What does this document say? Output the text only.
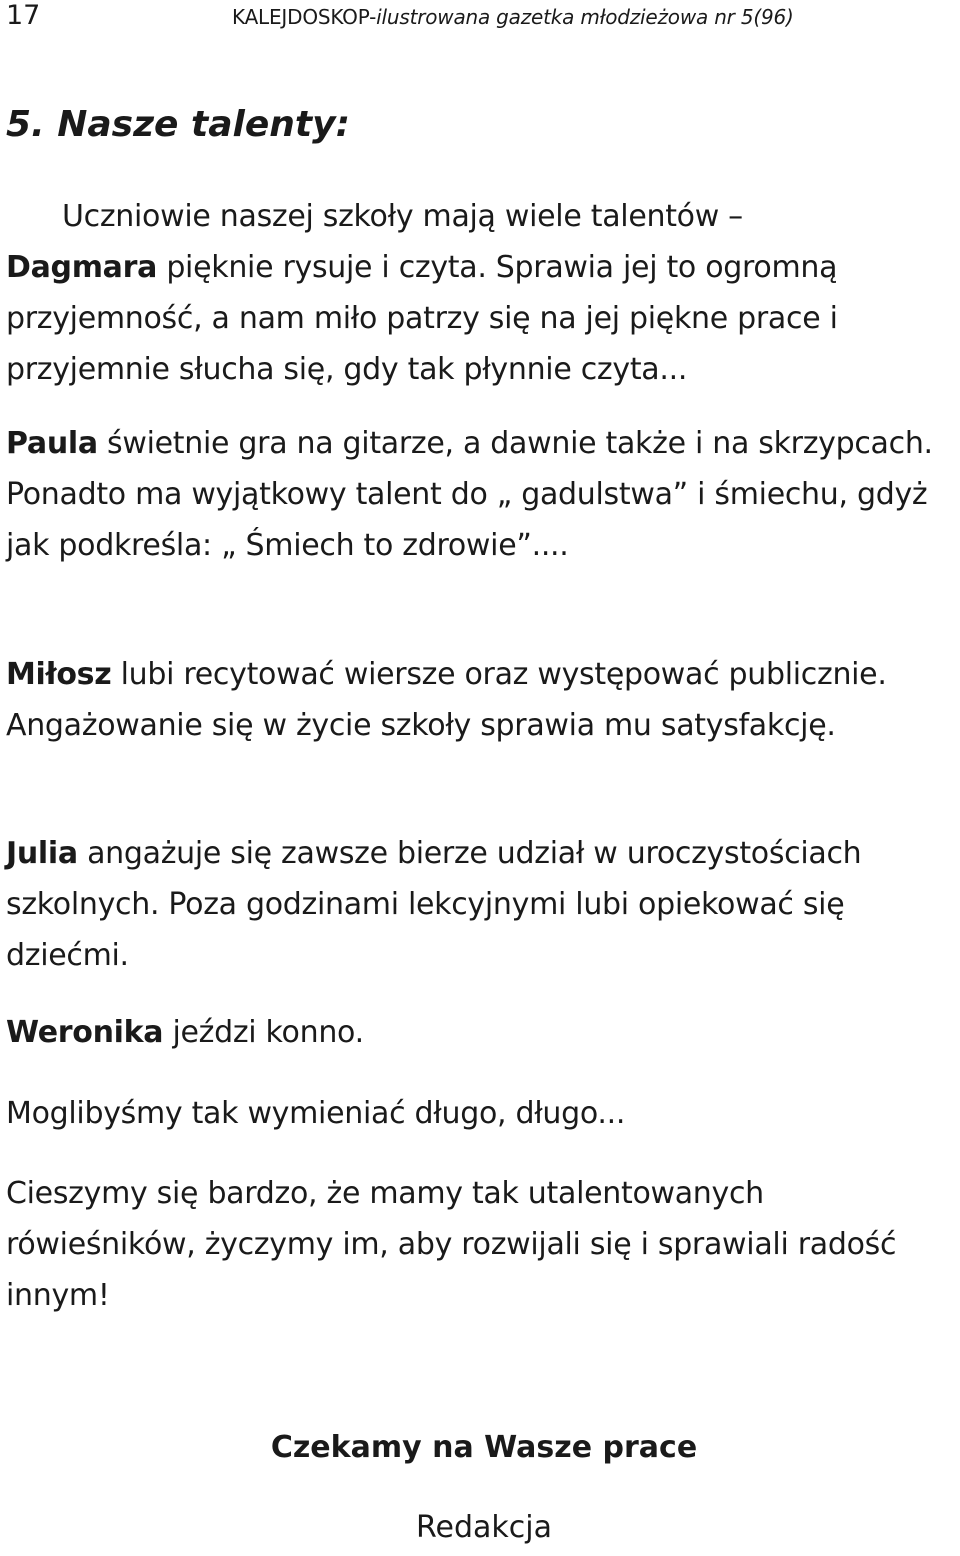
17	KALEJDOSKOP-ilustrowana gazetka młodzieżowa nr 5(96)
5. Nasze talenty:

Uczniowie naszej szkoły mają wiele talentów –
Dagmara pięknie rysuje i czyta. Sprawia jej to ogromną przyjemność, a nam miło patrzy się na jej piękne prace i przyjemnie słucha się, gdy tak płynnie czyta...

Paula świetnie gra na gitarze, a dawnie także i na skrzypcach. Ponadto ma wyjątkowy talent do „ gadulstwa” i śmiechu, gdyż jak podkreśla: „ Śmiech to zdrowie”....

Miłosz lubi recytować wiersze oraz występować publicznie. Angażowanie się w życie szkoły sprawia mu satysfakcję.

Julia angażuje się zawsze bierze udział w uroczystościach szkolnych. Poza godzinami lekcyjnymi lubi opiekować się dziećmi.

Weronika jeździ konno.

Moglibyśmy tak wymieniać długo, długo...

Cieszymy się bardzo, że mamy tak utalentowanych rówieśników, życzymy im, aby rozwijali się i sprawiali radość innym!

Czekamy na Wasze prace

Redakcja
